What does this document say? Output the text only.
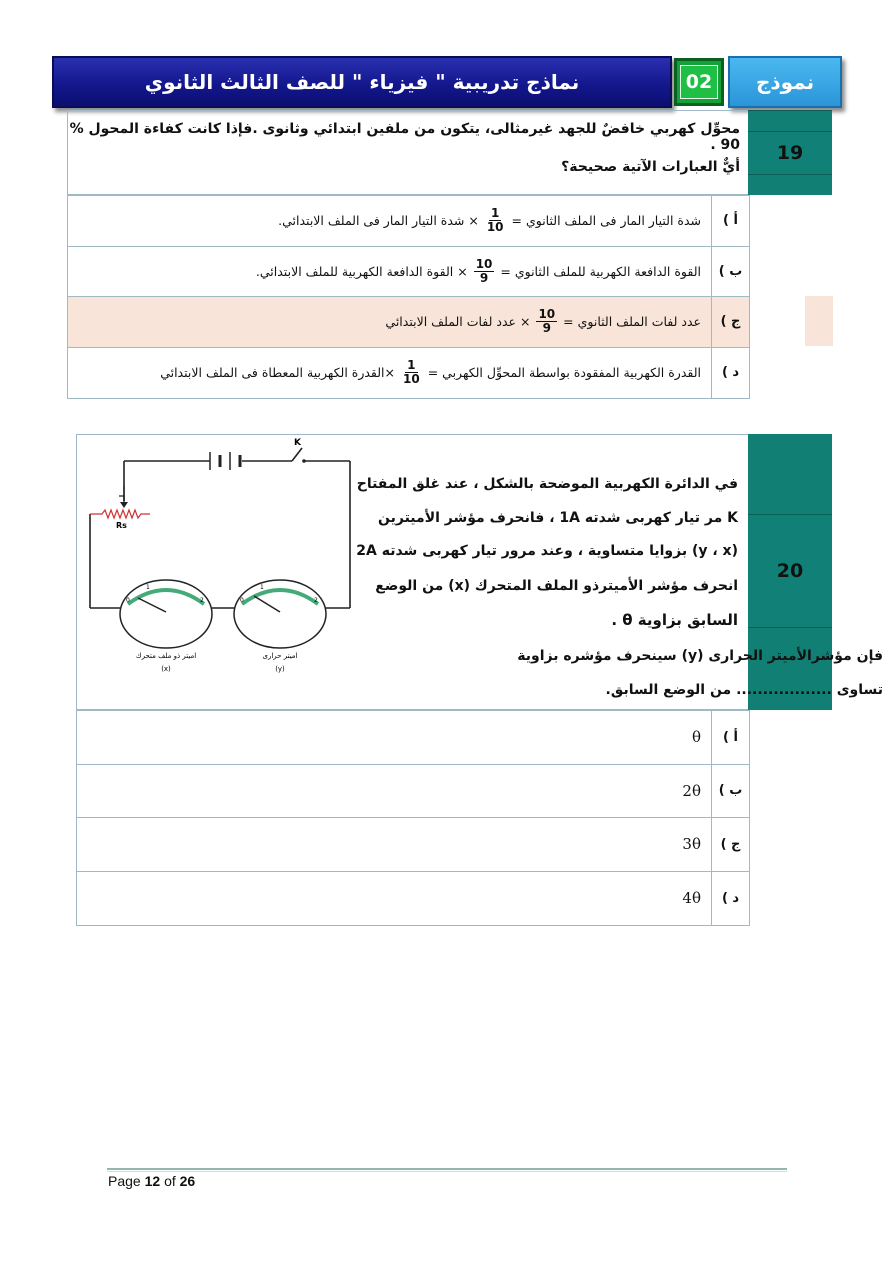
نماذج تدريبية " فيزياء " للصف الثالث الثانوي	02	نموذج
محوِّل كهربي خافضٌ للجهد غيرمثالى، يتكون من ملفين ابتدائي وثانوى .فإذا كانت كفاءة المحول % 90 .
أيٌّ العبارات الآتية صحيحة؟
19
أ )
شدة التيار المار فى الملف الثانوي =
$\frac{1}{10}$
× شدة التيار المار فى الملف الابتدائي.
ب )
القوة الدافعة الكهربية للملف الثانوي =
$\frac{10}{9}$
× القوة الدافعة الكهربية للملف الابتدائي.
ج )
عدد لفات الملف الثانوي =
$\frac{10}{9}$
× عدد لفات الملف الابتدائي
د )
القدرة الكهربية المفقودة بواسطة المحوِّل الكهربي =
$\frac{1}{10}$
×القدرة الكهربية المعطاة فى الملف الابتدائي
20
في الدائرة الكهربية الموضحة بالشكل ، عند غلق المفتاح
K مر تيار كهربى شدته 1A ، فانحرف مؤشر الأميترين
(y ، x) بزوايا متساوية ، وعند مرور تيار كهربى شدته 2A
انحرف مؤشر الأميترذو الملف المتحرك (x) من الوضع
السابق بزاوية θ .
فإن مؤشرالأميتر الحرارى (y) سينحرف مؤشره بزاوية
تساوى .................. من الوضع السابق.
K
Rs
0
1
2
اميتر ذو ملف متحرك
(x)
0
1
2
اميتر حرارى
(y)
أ )
θ
ب )
2θ
ج )
3θ
د )
4θ
Page 12 of 26
